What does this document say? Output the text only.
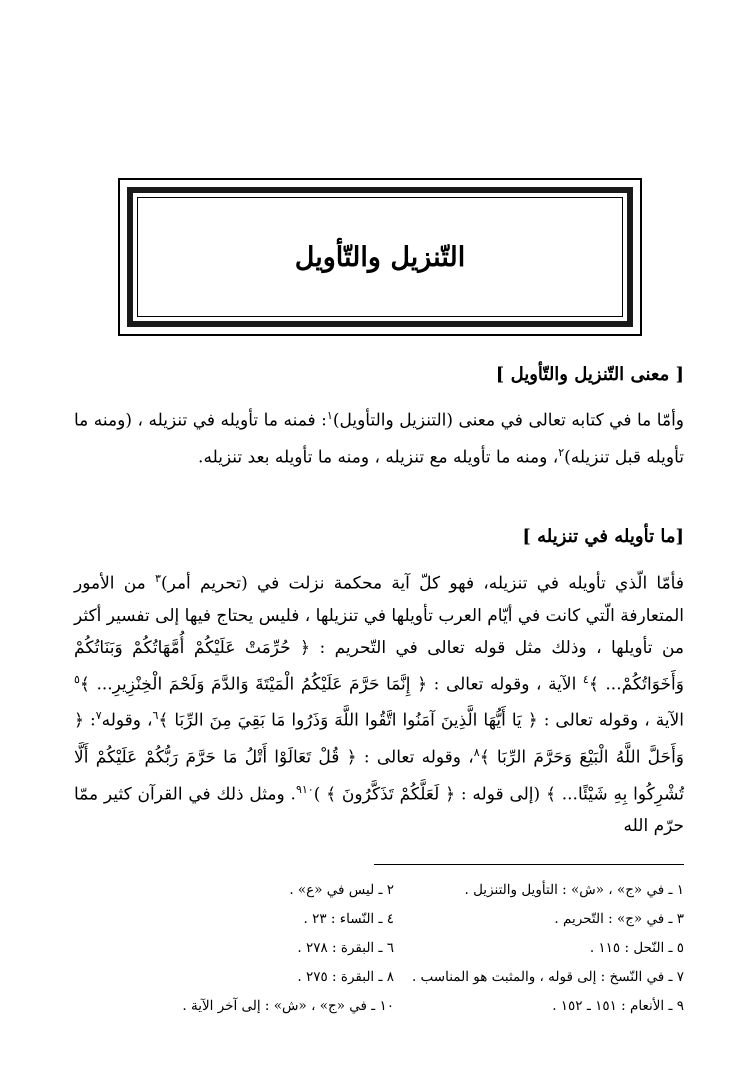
التّنزيل والتّأويل
[ معنى التّنزيل والتّأويل ]

وأمّا ما في كتابه تعالى في معنى (التنزيل والتأويل)$^١$: فمنه ما تأويله في تنزيله ، (ومنه ما تأويله قبل تنزيله)$^٢$، ومنه ما تأويله مع تنزيله ، ومنه ما تأويله بعد تنزيله.

[ما تأويله في تنزيله ]

فأمّا الّذي تأويله في تنزيله، فهو كلّ آية محكمة نزلت في (تحريم أمر)$^٣$ من الأمور المتعارفة الّتي كانت في أيّام العرب تأويلها في تنزيلها ، فليس يحتاج فيها إلى تفسير أكثر من تأويلها ، وذلك مثل قوله تعالى في التّحريم : ﴿ حُرِّمَتْ عَلَيْكُمْ أُمَّهَاتُكُمْ وَبَنَاتُكُمْ وَأَخَوَاتُكُمْ... ﴾$^٤$ الآية ، وقوله تعالى : ﴿ إِنَّمَا حَرَّمَ عَلَيْكُمُ الْمَيْتَةَ وَالدَّمَ وَلَحْمَ الْخِنْزِيرِ... ﴾$^٥$ الآية ، وقوله تعالى : ﴿ يَا أَيُّهَا الَّذِينَ آمَنُوا اتَّقُوا اللَّهَ وَذَرُوا مَا بَقِيَ مِنَ الرِّبَا ﴾$^٦$، وقوله$^٧$: ﴿ وَأَحَلَّ اللَّهُ الْبَيْعَ وَحَرَّمَ الرِّبَا ﴾$^٨$، وقوله تعالى : ﴿ قُلْ تَعَالَوْا أَتْلُ مَا حَرَّمَ رَبُّكُمْ عَلَيْكُمْ أَلَّا تُشْرِكُوا بِهِ شَيْئًا... ﴾ (إلى قوله : ﴿ لَعَلَّكُمْ تَذَكَّرُونَ ﴾ )$^{٩١٠}$. ومثل ذلك في القرآن كثير ممّا حرّم الله

١ ـ في «ج» ، «ش» : التأويل والتنزيل .
٢ ـ ليس في «ع» .
٣ ـ في «ج» : التّحريم .
٤ ـ النّساء : ٢٣ .
٥ ـ النّحل : ١١٥ .
٦ ـ البقرة : ٢٧٨ .
٧ ـ في النّسخ : إلى قوله ، والمثبت هو المناسب .
٨ ـ البقرة : ٢٧٥ .
٩ ـ الأنعام : ١٥١ ـ ١٥٢ .
١٠ ـ في «ج» ، «ش» : إلى آخر الآية .
